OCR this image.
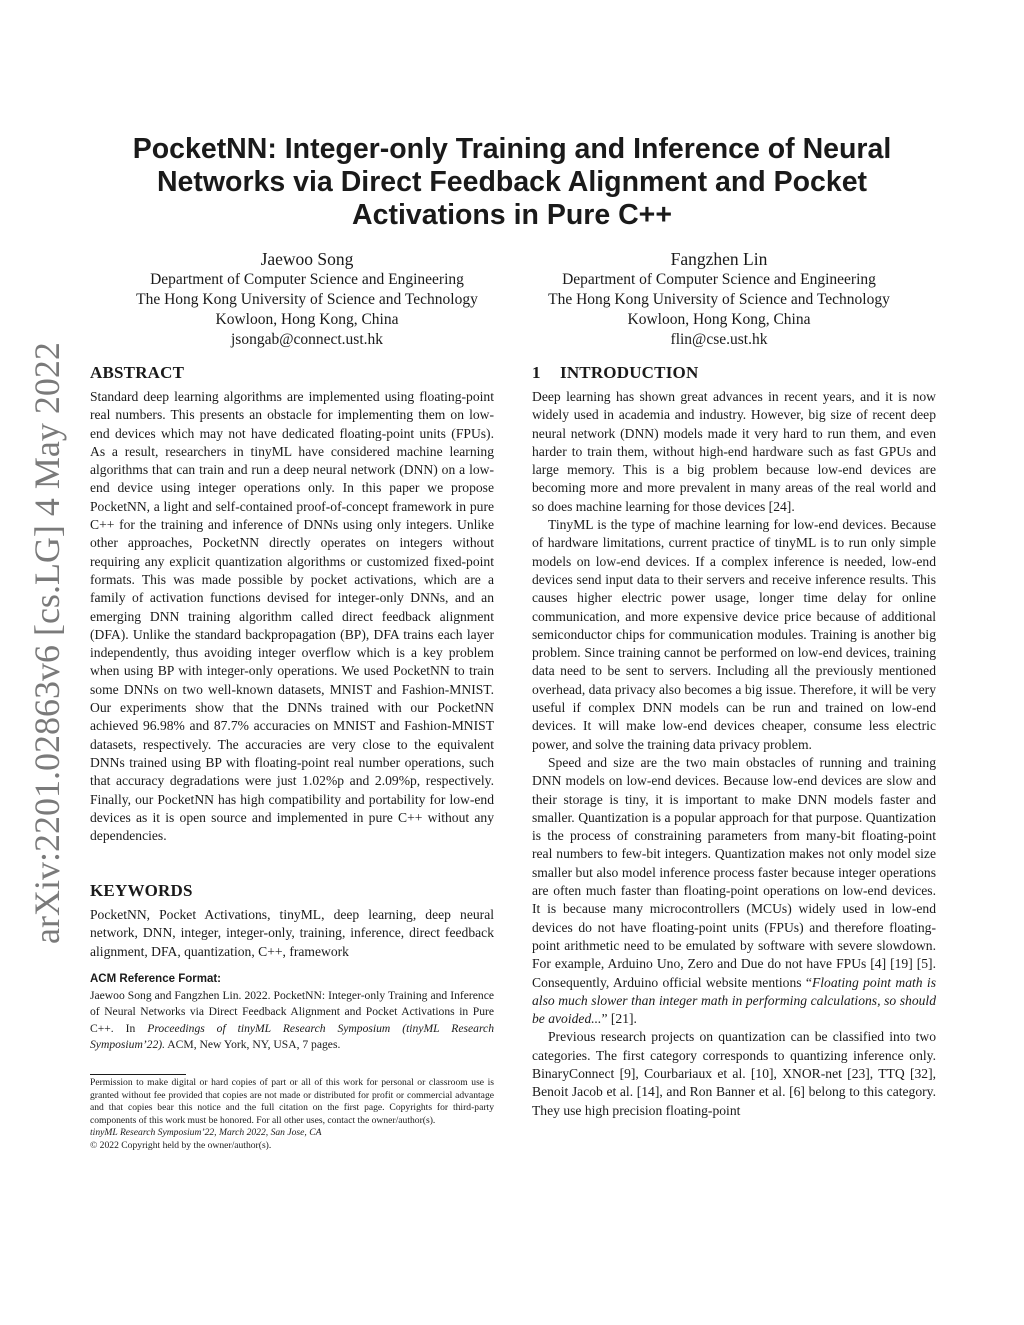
arXiv:2201.02863v6 [cs.LG] 4 May 2022
PocketNN: Integer-only Training and Inference of Neural
Networks via Direct Feedback Alignment and Pocket
Activations in Pure C++
Jaewoo Song
Department of Computer Science and Engineering
The Hong Kong University of Science and Technology
Kowloon, Hong Kong, China
jsongab@connect.ust.hk
Fangzhen Lin
Department of Computer Science and Engineering
The Hong Kong University of Science and Technology
Kowloon, Hong Kong, China
flin@cse.ust.hk
ABSTRACT

Standard deep learning algorithms are implemented using floating-point real numbers. This presents an obstacle for implementing them on low-end devices which may not have dedicated floating-point units (FPUs). As a result, researchers in tinyML have considered machine learning algorithms that can train and run a deep neural network (DNN) on a low-end device using integer operations only. In this paper we propose PocketNN, a light and self-contained proof-of-concept framework in pure C++ for the training and inference of DNNs using only integers. Unlike other approaches, PocketNN directly operates on integers without requiring any explicit quantization algorithms or customized fixed-point formats. This was made possible by pocket activations, which are a family of activation functions devised for integer-only DNNs, and an emerging DNN training algorithm called direct feedback alignment (DFA). Unlike the standard backpropagation (BP), DFA trains each layer independently, thus avoiding integer overflow which is a key problem when using BP with integer-only operations. We used PocketNN to train some DNNs on two well-known datasets, MNIST and Fashion-MNIST. Our experiments show that the DNNs trained with our PocketNN achieved 96.98% and 87.7% accuracies on MNIST and Fashion-MNIST datasets, respectively. The accuracies are very close to the equivalent DNNs trained using BP with floating-point real number operations, such that accuracy degradations were just 1.02%p and 2.09%p, respectively. Finally, our PocketNN has high compatibility and portability for low-end devices as it is open source and implemented in pure C++ without any dependencies.

KEYWORDS

PocketNN, Pocket Activations, tinyML, deep learning, deep neural network, DNN, integer, integer-only, training, inference, direct feedback alignment, DFA, quantization, C++, framework

ACM Reference Format:

Jaewoo Song and Fangzhen Lin. 2022. PocketNN: Integer-only Training and Inference of Neural Networks via Direct Feedback Alignment and Pocket Activations in Pure C++. In Proceedings of tinyML Research Symposium (tinyML Research Symposium’22). ACM, New York, NY, USA, 7 pages.

Permission to make digital or hard copies of part or all of this work for personal or classroom use is granted without fee provided that copies are not made or distributed for profit or commercial advantage and that copies bear this notice and the full citation on the first page. Copyrights for third-party components of this work must be honored. For all other uses, contact the owner/author(s).

tinyML Research Symposium’22, March 2022, San Jose, CA

© 2022 Copyright held by the owner/author(s).

1 INTRODUCTION

Deep learning has shown great advances in recent years, and it is now widely used in academia and industry. However, big size of recent deep neural network (DNN) models made it very hard to run them, and even harder to train them, without high-end hardware such as fast GPUs and large memory. This is a big problem because low-end devices are becoming more and more prevalent in many areas of the real world and so does machine learning for those devices [24].

TinyML is the type of machine learning for low-end devices. Because of hardware limitations, current practice of tinyML is to run only simple models on low-end devices. If a complex inference is needed, low-end devices send input data to their servers and receive inference results. This causes higher electric power usage, longer time delay for online communication, and more expensive device price because of additional semiconductor chips for communication modules. Training is another big problem. Since training cannot be performed on low-end devices, training data need to be sent to servers. Including all the previously mentioned overhead, data privacy also becomes a big issue. Therefore, it will be very useful if complex DNN models can be run and trained on low-end devices. It will make low-end devices cheaper, consume less electric power, and solve the training data privacy problem.

Speed and size are the two main obstacles of running and training DNN models on low-end devices. Because low-end devices are slow and their storage is tiny, it is important to make DNN models faster and smaller. Quantization is a popular approach for that purpose. Quantization is the process of constraining parameters from many-bit floating-point real numbers to few-bit integers. Quantization makes not only model size smaller but also model inference process faster because integer operations are often much faster than floating-point operations on low-end devices. It is because many microcontrollers (MCUs) widely used in low-end devices do not have floating-point units (FPUs) and therefore floating-point arithmetic need to be emulated by software with severe slowdown. For example, Arduino Uno, Zero and Due do not have FPUs [4] [19] [5]. Consequently, Arduino official website mentions “Floating point math is also much slower than integer math in performing calculations, so should be avoided...” [21].

Previous research projects on quantization can be classified into two categories. The first category corresponds to quantizing inference only. BinaryConnect [9], Courbariaux et al. [10], XNOR-net [23], TTQ [32], Benoit Jacob et al. [14], and Ron Banner et al. [6] belong to this category. They use high precision floating-point
